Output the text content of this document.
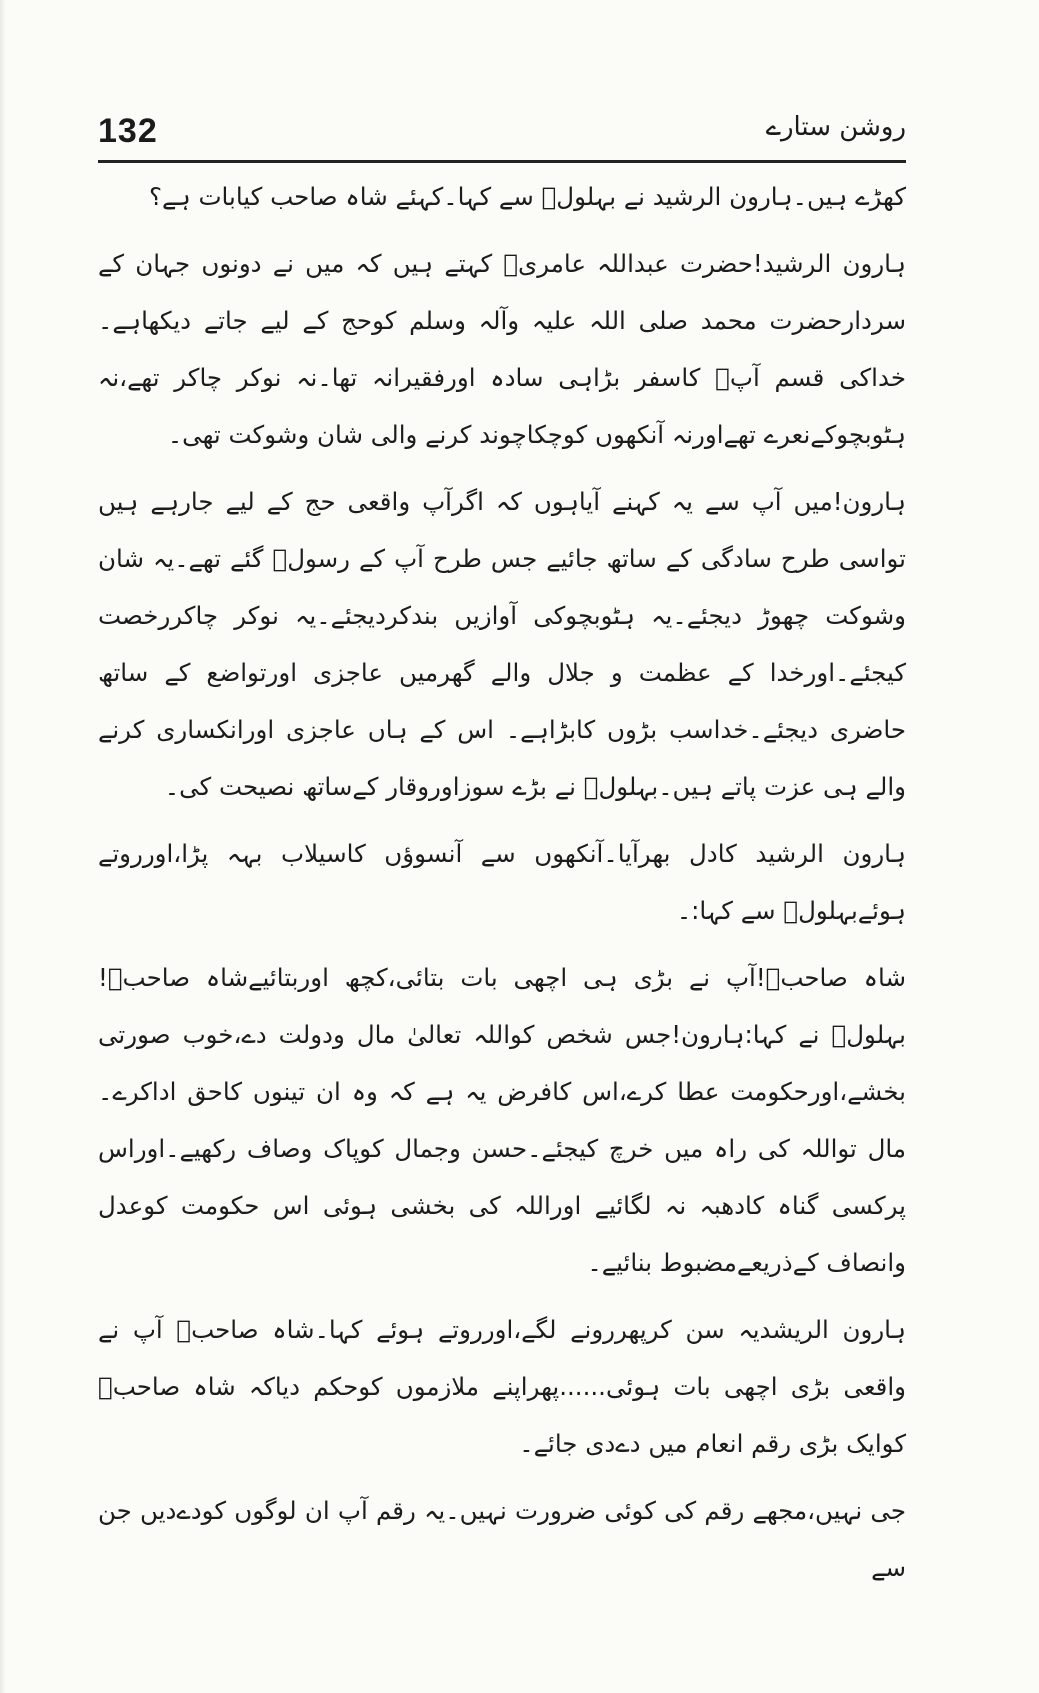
132	روشن ستارے

کھڑے ہیں۔ہارون الرشید نے بہلولؒ سے کہا۔کہئے شاہ صاحب کیابات ہے؟

ہارون الرشید!حضرت عبداللہ عامریؓ کہتے ہیں کہ میں نے دونوں جہان کے سردارحضرت محمد صلی اللہ علیہ وآلہ وسلم کوحج کے لیے جاتے دیکھاہے۔خداکی قسم آپؐ کاسفر بڑاہی سادہ اورفقیرانہ تھا۔نہ نوکر چاکر تھے،نہ ہٹوبچوکےنعرے تھےاورنہ آنکھوں کوچکاچوند کرنے والی شان وشوکت تھی۔

ہارون!میں آپ سے یہ کہنے آیاہوں کہ اگرآپ واقعی حج کے لیے جارہے ہیں تواسی طرح سادگی کے ساتھ جائیے جس طرح آپ کے رسولؐ گئے تھے۔یہ شان وشوکت چھوڑ دیجئے۔یہ ہٹوبچوکی آوازیں بندکردیجئے۔یہ نوکر چاکررخصت کیجئے۔اورخدا کے عظمت و جلال والے گھرمیں عاجزی اورتواضع کے ساتھ حاضری دیجئے۔خداسب بڑوں کابڑاہے۔ اس کے ہاں عاجزی اورانکساری کرنے والے ہی عزت پاتے ہیں۔بہلولؒ نے بڑے سوزاوروقار کےساتھ نصیحت کی۔

ہارون الرشید کادل بھرآیا۔آنکھوں سے آنسوؤں کاسیلاب بہہ پڑا،اورروتے ہوئےبہلولؒ سے کہا:۔

شاہ صاحبؒ!آپ نے بڑی ہی اچھی بات بتائی،کچھ اوربتائیےشاہ صاحبؒ!بہلولؒ نے کہا:ہارون!جس شخص کواللہ تعالیٰ مال ودولت دے،خوب صورتی بخشے،اورحکومت عطا کرے،اس کافرض یہ ہے کہ وہ ان تینوں کاحق اداکرے۔مال تواللہ کی راہ میں خرچ کیجئے۔حسن وجمال کوپاک وصاف رکھیے۔اوراس پرکسی گناہ کادھبہ نہ لگائیے اوراللہ کی بخشی ہوئی اس حکومت کوعدل وانصاف کےذریعےمضبوط بنائیے۔

ہارون الریشدیہ سن کرپھررونے لگے،اورروتے ہوئے کہا۔شاہ صاحبؒ آپ نے واقعی بڑی اچھی بات ہوئی......پھراپنے ملازموں کوحکم دیاکہ شاہ صاحبؒ کوایک بڑی رقم انعام میں دےدی جائے۔

جی نہیں،مجھے رقم کی کوئی ضرورت نہیں۔یہ رقم آپ ان لوگوں کودےدیں جن سے
